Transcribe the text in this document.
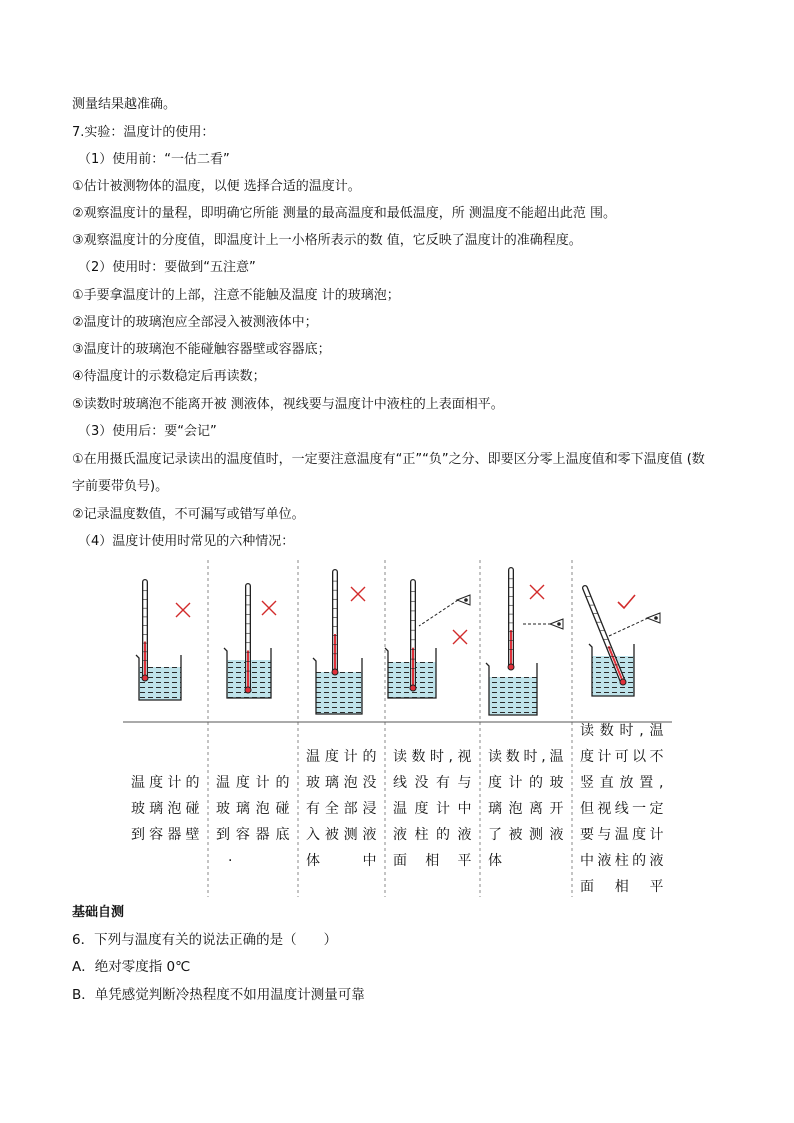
测量结果越准确。
7.实验：温度计的使用：
（1）使用前：“一估二看”
①估计被测物体的温度，以便 选择合适的温度计。
②观察温度计的量程，即明确它所能 测量的最高温度和最低温度，所 测温度不能超出此范 围。
③观察温度计的分度值，即温度计上一小格所表示的数 值，它反映了温度计的准确程度。
（2）使用时：要做到“五注意”
①手要拿温度计的上部，注意不能触及温度 计的玻璃泡；
②温度计的玻璃泡应全部浸入被测液体中；
③温度计的玻璃泡不能碰触容器壁或容器底；
④待温度计的示数稳定后再读数；
⑤读数时玻璃泡不能离开被 测液体，视线要与温度计中液柱的上表面相平。
（3）使用后：要“会记”
①在用摄氏温度记录读出的温度值时，一定要注意温度有“正”“负”之分、即要区分零上温度值和零下温度值 (数
字前要带负号)。
②记录温度数值，不可漏写或错写单位。
（4）温度计使用时常见的六种情况：
温度计的
玻璃泡碰
到容器壁
温度计的
玻璃泡碰
到容器底
温度计的
玻璃泡没
有全部浸
入被测液
体中
读数时,视
线没有与
温度计中
液柱的液
面相平
读数时,温
度计的玻
璃泡离开
了被测液
体
读数时,温
度计可以不
竖直放置,
但视线一定
要与温度计
中液柱的液
面相平
.
基础自测
6．下列与温度有关的说法正确的是（　　）
A．绝对零度指 0℃
B．单凭感觉判断冷热程度不如用温度计测量可靠
